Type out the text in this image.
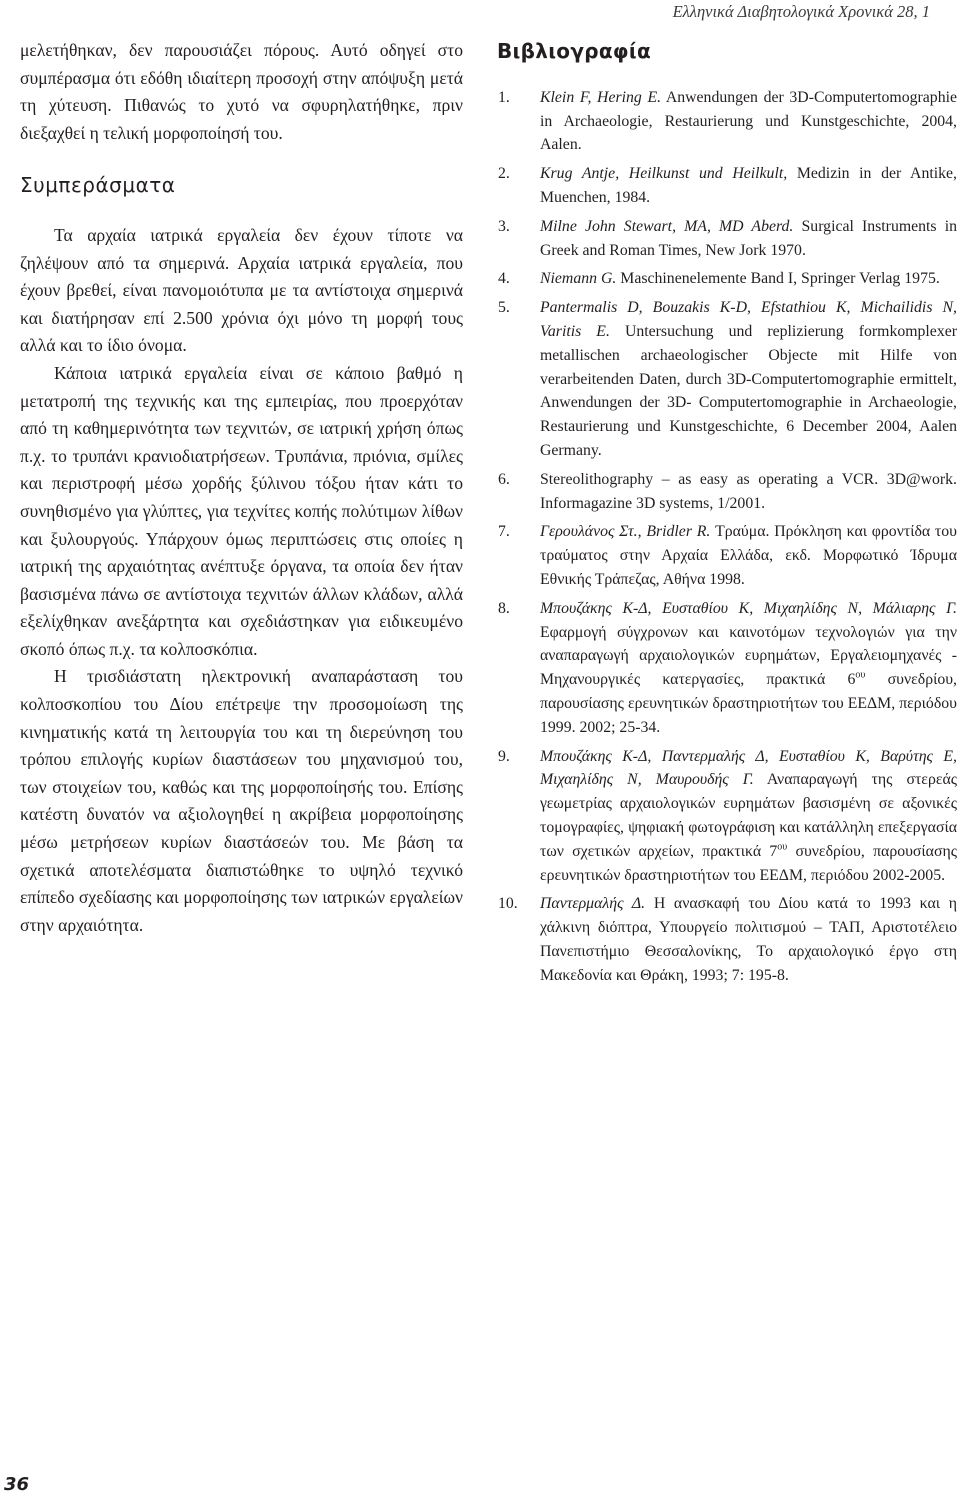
Ελληνικά Διαβητολογικά Χρονικά 28, 1

μελετήθηκαν, δεν παρουσιάζει πόρους. Αυτό οδηγεί στο συμπέρασμα ότι εδόθη ιδιαίτερη προσοχή στην απόψυξη μετά τη χύτευση. Πιθανώς το χυτό να σφυρηλατήθηκε, πριν διεξαχθεί η τελική μορφοποίησή του.

Συμπεράσματα

Τα αρχαία ιατρικά εργαλεία δεν έχουν τίποτε να ζηλέψουν από τα σημερινά. Αρχαία ιατρικά εργαλεία, που έχουν βρεθεί, είναι πανομοιότυπα με τα αντίστοιχα σημερινά και διατήρησαν επί 2.500 χρόνια όχι μόνο τη μορφή τους αλλά και το ίδιο όνομα.

Κάποια ιατρικά εργαλεία είναι σε κάποιο βαθμό η μετατροπή της τεχνικής και της εμπειρίας, που προερχόταν από τη καθημερινότητα των τεχνιτών, σε ιατρική χρήση όπως π.χ. το τρυπάνι κρανιοδιατρήσεων. Τρυπάνια, πριόνια, σμίλες και περιστροφή μέσω χορδής ξύλινου τόξου ήταν κάτι το συνηθισμένο για γλύπτες, για τεχνίτες κοπής πολύτιμων λίθων και ξυλουργούς. Υπάρχουν όμως περιπτώσεις στις οποίες η ιατρική της αρχαιότητας ανέπτυξε όργανα, τα οποία δεν ήταν βασισμένα πάνω σε αντίστοιχα τεχνιτών άλλων κλάδων, αλλά εξελίχθηκαν ανεξάρτητα και σχεδιάστηκαν για ειδικευμένο σκοπό όπως π.χ. τα κολποσκόπια.

Η τρισδιάστατη ηλεκτρονική αναπαράσταση του κολποσκοπίου του Δίου επέτρεψε την προσομοίωση της κινηματικής κατά τη λειτουργία του και τη διερεύνηση του τρόπου επιλογής κυρίων διαστάσεων του μηχανισμού του, των στοιχείων του, καθώς και της μορφοποίησής του. Επίσης κατέστη δυνατόν να αξιολογηθεί η ακρίβεια μορφοποίησης μέσω μετρήσεων κυρίων διαστάσεών του. Με βάση τα σχετικά αποτελέσματα διαπιστώθηκε το υψηλό τεχνικό επίπεδο σχεδίασης και μορφοποίησης των ιατρικών εργαλείων στην αρχαιότητα.

Βιβλιογραφία
1. Klein F, Hering E. Anwendungen der 3D-Computertomographie in Archaeologie, Restaurierung und Kunstgeschichte, 2004, Aalen.
2. Krug Antje, Heilkunst und Heilkult, Medizin in der Antike, Muenchen, 1984.
3. Milne John Stewart, MA, MD Aberd. Surgical Instruments in Greek and Roman Times, New Jork 1970.
4. Niemann G. Maschinenelemente Band I, Springer Verlag 1975.
5. Pantermalis D, Bouzakis K-D, Efstathiou K, Michailidis N, Varitis E. Untersuchung und replizierung formkomplexer metallischen archaeologischer Objecte mit Hilfe von verarbeitenden Daten, durch 3D-Computertomographie ermittelt, Anwendungen der 3D- Computertomographie in Archaeologie, Restaurierung und Kunstgeschichte, 6 December 2004, Aalen Germany.
6. Stereolithography – as easy as operating a VCR. 3D@work. Informagazine 3D systems, 1/2001.
7. Γερουλάνος Στ., Bridler R. Τραύμα. Πρόκληση και φροντίδα του τραύματος στην Αρχαία Ελλάδα, εκδ. Μορφωτικό Ίδρυμα Εθνικής Τράπεζας, Αθήνα 1998.
8. Μπουζάκης Κ-Δ, Ευσταθίου Κ, Μιχαηλίδης Ν, Μάλιαρης Γ. Εφαρμογή σύγχρονων και καινοτόμων τεχνολογιών για την αναπαραγωγή αρχαιολογικών ευρημάτων, Εργαλειομηχανές - Μηχανουργικές κατεργασίες, πρακτικά $6^{o\upsilon}$ συνεδρίου, παρουσίασης ερευνητικών δραστηριοτήτων του ΕΕΔΜ, περιόδου 1999. 2002; 25-34.
9. Μπουζάκης Κ-Δ, Παντερμαλής Δ, Ευσταθίου Κ, Βαρύτης Ε, Μιχαηλίδης Ν, Μαυρουδής Γ. Αναπαραγωγή της στερεάς γεωμετρίας αρχαιολογικών ευρημάτων βασισμένη σε αξονικές τομογραφίες, ψηφιακή φωτογράφιση και κατάλληλη επεξεργασία των σχετικών αρχείων, πρακτικά $7^{o\upsilon}$ συνεδρίου, παρουσίασης ερευνητικών δραστηριοτήτων του ΕΕΔΜ, περιόδου 2002-2005.
10. Παντερμαλής Δ. Η ανασκαφή του Δίου κατά το 1993 και η χάλκινη διόπτρα, Υπουργείο πολιτισμού – ΤΑΠ, Αριστοτέλειο Πανεπιστήμιο Θεσσαλονίκης, Το αρχαιολογικό έργο στη Μακεδονία και Θράκη, 1993; 7: 195-8.
36
